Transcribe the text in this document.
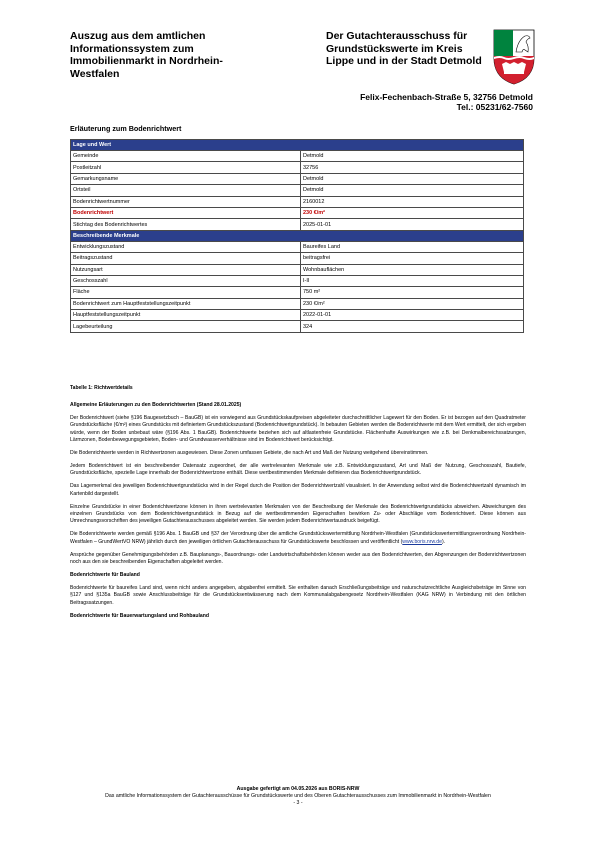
Auszug aus dem amtlichen Informationssystem zum Immobilienmarkt in Nordrhein-Westfalen
Der Gutachterausschuss für Grundstückswerte im Kreis Lippe und in der Stadt Detmold
Felix-Fechenbach-Straße 5, 32756 Detmold
Tel.: 05231/62-7560
Erläuterung zum Bodenrichtwert
Lage und Wert	
Gemeinde	Detmold
Postleitzahl	32756
Gemarkungsname	Detmold
Ortsteil	Detmold
Bodenrichtwertnummer	2160012
Bodenrichtwert	230 €/m²
Stichtag des Bodenrichtwertes	2025-01-01
Beschreibende Merkmale	
Entwicklungszustand	Baureifes Land
Beitragszustand	beitragsfrei
Nutzungsart	Wohnbauflächen
Geschosszahl	I-II
Fläche	750 m²
Bodenrichtwert zum Hauptfeststellungszeitpunkt	230 €/m²
Hauptfeststellungszeitpunkt	2022-01-01
Lagebeurteilung	324
Tabelle 1: Richtwertdetails

Allgemeine Erläuterungen zu den Bodenrichtwerten (Stand 28.01.2025)

Der Bodenrichtwert (siehe §196 Baugesetzbuch – BauGB) ist ein vorwiegend aus Grundstückskaufpreisen abgeleiteter durchschnittlicher Lagewert für den Boden. Er ist bezogen auf den Quadratmeter Grundstücksfläche (€/m²) eines Grundstücks mit definiertem Grundstückszustand (Bodenrichtwertgrundstück). In bebauten Gebieten werden die Bodenrichtwerte mit dem Wert ermittelt, der sich ergeben würde, wenn der Boden unbebaut wäre (§196 Abs. 1 BauGB). Bodenrichtwerte beziehen sich auf altlastenfreie Grundstücke. Flächenhafte Auswirkungen wie z.B. bei Denkmalbereichssatzungen, Lärmzonen, Bodenbewegungsgebieten, Boden- und Grundwasserverhältnisse sind im Bodenrichtwert berücksichtigt.

Die Bodenrichtwerte werden in Richtwertzonen ausgewiesen. Diese Zonen umfassen Gebiete, die nach Art und Maß der Nutzung weitgehend übereinstimmen.

Jedem Bodenrichtwert ist ein beschreibender Datensatz zugeordnet, der alle wertrelevanten Merkmale wie z.B. Entwicklungszustand, Art und Maß der Nutzung, Geschosszahl, Bautiefe, Grundstücksfläche, spezielle Lage innerhalb der Bodenrichtwertzone enthält. Diese wertbestimmenden Merkmale definieren das Bodenrichtwertgrundstück.

Das Lagemerkmal des jeweiligen Bodenrichtwertgrundstücks wird in der Regel durch die Position der Bodenrichtwertzahl visualisiert. In der Anwendung selbst wird die Bodenrichtwertzahl dynamisch im Kartenbild dargestellt.

Einzelne Grundstücke in einer Bodenrichtwertzone können in ihren wertrelevanten Merkmalen von der Beschreibung der Merkmale des Bodenrichtwertgrundstücks abweichen. Abweichungen des einzelnen Grundstücks von dem Bodenrichtwertgrundstück in Bezug auf die wertbestimmenden Eigenschaften bewirken Zu- oder Abschläge vom Bodenrichtwert. Diese können aus Umrechnungsvorschriften des jeweiligen Gutachterausschusses abgeleitet werden. Sie werden jedem Bodenrichtwertausdruck beigefügt.

Die Bodenrichtwerte werden gemäß §196 Abs. 1 BauGB und §37 der Verordnung über die amtliche Grundstückswertermittlung Nordrhein-Westfalen (Grundstückswertermittlungsverordnung Nordrhein-Westfalen – GrundWertVO NRW) jährlich durch den jeweiligen örtlichen Gutachterausschuss für Grundstückswerte beschlossen und veröffentlicht (www.boris.nrw.de).

Ansprüche gegenüber Genehmigungsbehörden z.B. Bauplanungs-, Bauordnungs- oder Landwirtschaftsbehörden können weder aus den Bodenrichtwerten, den Abgrenzungen der Bodenrichtwertzonen noch aus den sie beschreibenden Eigenschaften abgeleitet werden.

Bodenrichtwerte für Bauland

Bodenrichtwerte für baureifes Land sind, wenn nicht anders angegeben, abgabenfrei ermittelt. Sie enthalten danach Erschließungsbeiträge und naturschutzrechtliche Ausgleichsbeträge im Sinne von §127 und §135a BauGB sowie Anschlussbeiträge für die Grundstücksentwässerung nach dem Kommunalabgabengesetz Nordrhein-Westfalen (KAG NRW) in Verbindung mit den örtlichen Beitragssatzungen.

Bodenrichtwerte für Bauerwartungsland und Rohbauland

Ausgabe gefertigt am 04.05.2026 aus BORIS-NRW
Das amtliche Informationssystem der Gutachterausschüsse für Grundstückswerte und des Oberen Gutachterausschusses zum Immobilienmarkt in Nordrhein-Westfalen
- 3 -
